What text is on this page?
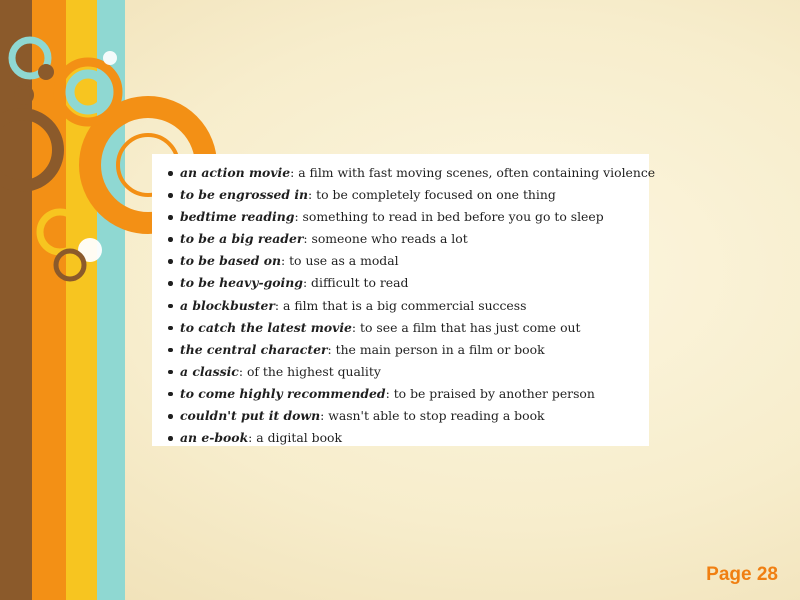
an action movie: a film with fast moving scenes, often containing violence
to be engrossed in: to be completely focused on one thing
bedtime reading: something to read in bed before you go to sleep
to be a big reader: someone who reads a lot
to be based on: to use as a modal
to be heavy-going: difficult to read
a blockbuster: a film that is a big commercial success
to catch the latest movie: to see a film that has just come out
the central character: the main person in a film or book
a classic: of the highest quality
to come highly recommended: to be praised by another person
couldn't put it down: wasn't able to stop reading a book
an e-book: a digital book
Page 28
